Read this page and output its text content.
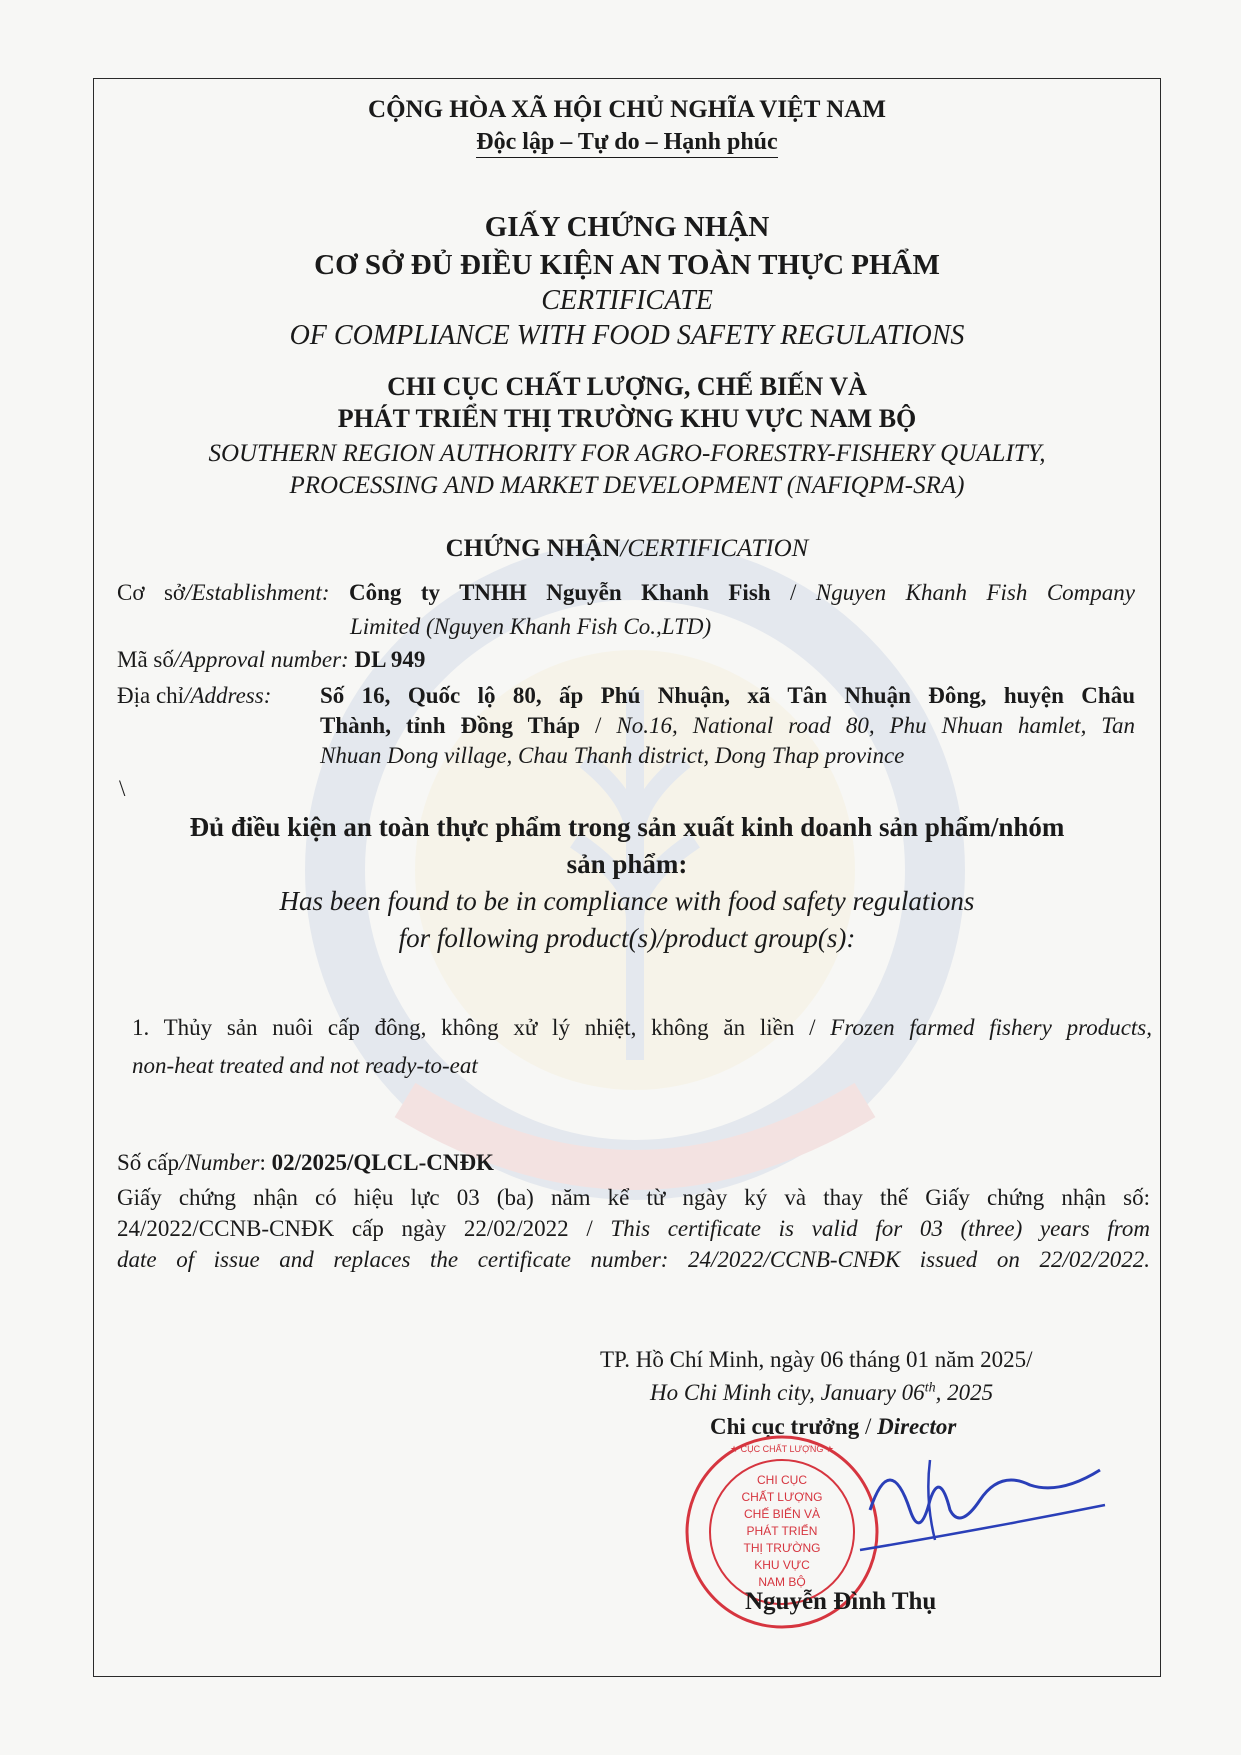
CỘNG HÒA XÃ HỘI CHỦ NGHĨA VIỆT NAM
Độc lập – Tự do – Hạnh phúc
GIẤY CHỨNG NHẬN
CƠ SỞ ĐỦ ĐIỀU KIỆN AN TOÀN THỰC PHẨM
CERTIFICATE
OF COMPLIANCE WITH FOOD SAFETY REGULATIONS
CHI CỤC CHẤT LƯỢNG, CHẾ BIẾN VÀ
PHÁT TRIỂN THỊ TRƯỜNG KHU VỰC NAM BỘ
SOUTHERN REGION AUTHORITY FOR AGRO-FORESTRY-FISHERY QUALITY,
PROCESSING AND MARKET DEVELOPMENT (NAFIQPM-SRA)
CHỨNG NHẬN/CERTIFICATION
Cơ sở/Establishment: Công ty TNHH Nguyễn Khanh Fish / Nguyen Khanh Fish Company
Limited (Nguyen Khanh Fish Co.,LTD)
Mã số/Approval number: DL 949
Địa chỉ/Address: Số 16, Quốc lộ 80, ấp Phú Nhuận, xã Tân Nhuận Đông, huyện Châu
Thành, tỉnh Đồng Tháp / No.16, National road 80, Phu Nhuan hamlet, Tan
Nhuan Dong village, Chau Thanh district, Dong Thap province
\
Đủ điều kiện an toàn thực phẩm trong sản xuất kinh doanh sản phẩm/nhóm
sản phẩm:
Has been found to be in compliance with food safety regulations
for following product(s)/product group(s):
1. Thủy sản nuôi cấp đông, không xử lý nhiệt, không ăn liền / Frozen farmed fishery products,
non-heat treated and not ready-to-eat
Số cấp/Number: 02/2025/QLCL-CNĐK
Giấy chứng nhận có hiệu lực 03 (ba) năm kể từ ngày ký và thay thế Giấy chứng nhận số:
24/2022/CCNB-CNĐK cấp ngày 22/02/2022 / This certificate is valid for 03 (three) years from
date of issue and replaces the certificate number: 24/2022/CCNB-CNĐK issued on 22/02/2022.
TP. Hồ Chí Minh, ngày 06 tháng 01 năm 2025/
Ho Chi Minh city, January 06th, 2025
Chi cục trưởng / Director
★ CỤC CHẤT LƯỢNG ★
CHI CỤC
CHẤT LƯỢNG
CHẾ BIẾN VÀ
PHÁT TRIỂN
THỊ TRƯỜNG
KHU VỰC
NAM BỘ
Nguyễn Đình Thụ
